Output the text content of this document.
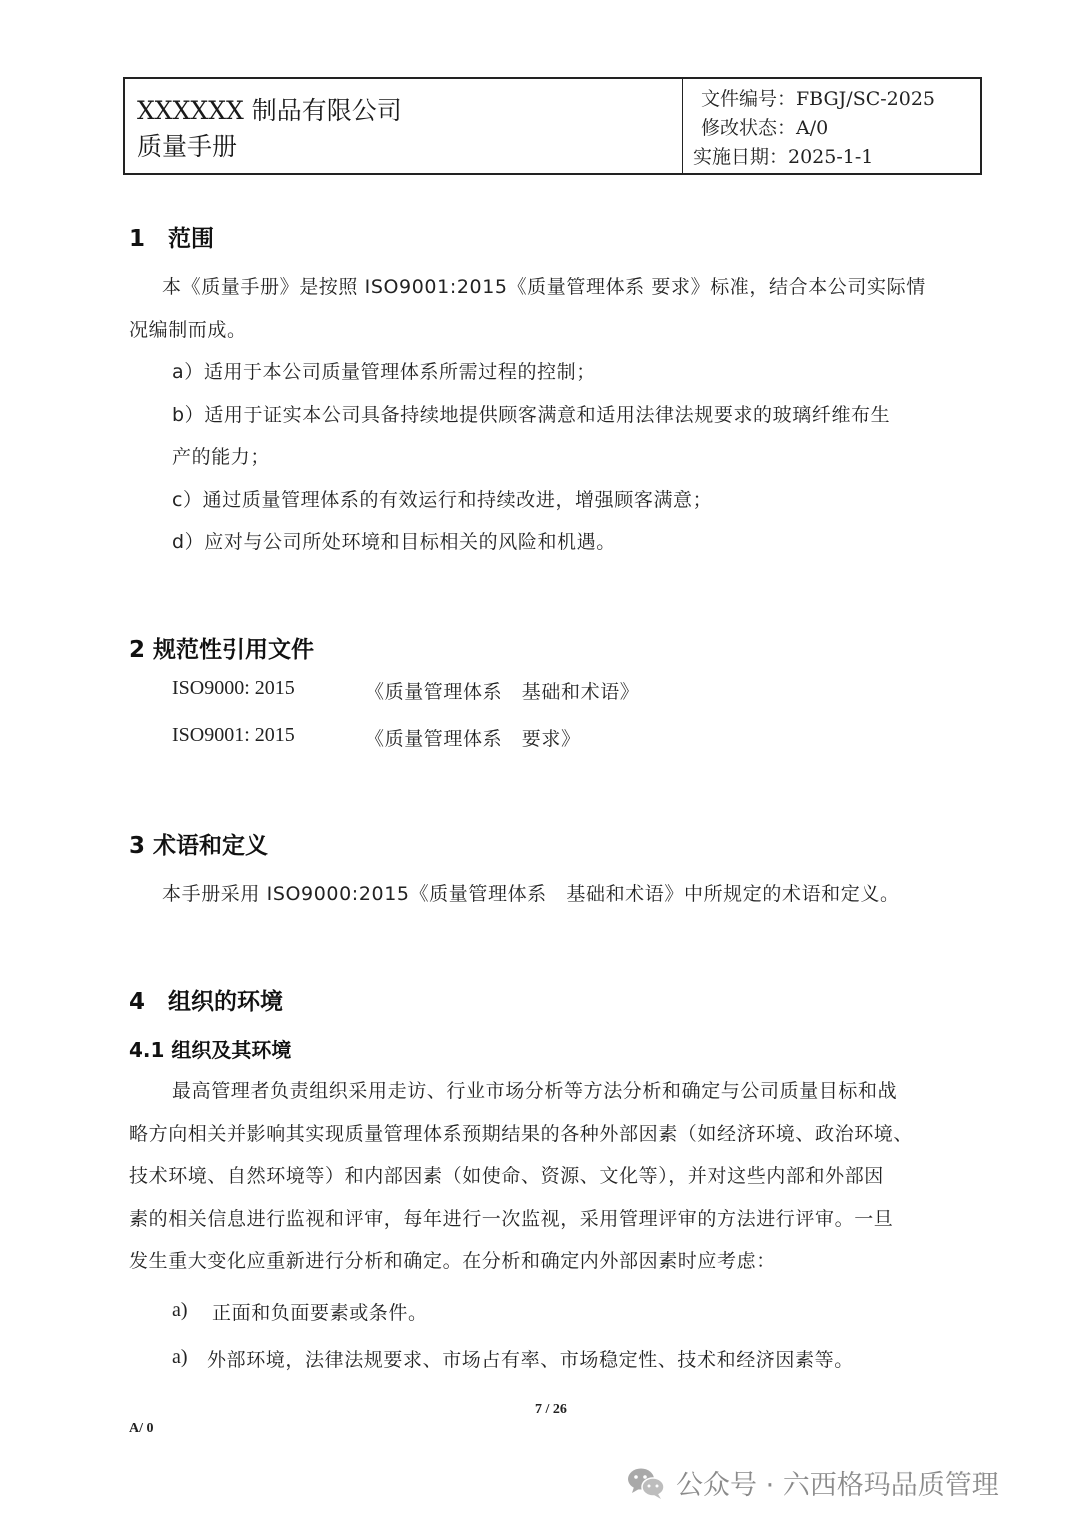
XXXXXX 制品有限公司
质量手册
文件编号：FBGJ/SC-2025
修改状态：A/0
实施日期：2025-1-1
1　范围
本《质量手册》是按照 ISO9001:2015《质量管理体系 要求》标准，结合本公司实际情
况编制而成。
a）适用于本公司质量管理体系所需过程的控制；
b）适用于证实本公司具备持续地提供顾客满意和适用法律法规要求的玻璃纤维布生
产的能力；
c）通过质量管理体系的有效运行和持续改进，增强顾客满意；
d）应对与公司所处环境和目标相关的风险和机遇。
2 规范性引用文件
ISO9000: 2015	《质量管理体系　基础和术语》
ISO9001: 2015	《质量管理体系　要求》
3 术语和定义
本手册采用 ISO9000:2015《质量管理体系　基础和术语》中所规定的术语和定义。
4　组织的环境
4.1 组织及其环境
最高管理者负责组织采用走访、行业市场分析等方法分析和确定与公司质量目标和战
略方向相关并影响其实现质量管理体系预期结果的各种外部因素（如经济环境、政治环境、
技术环境、自然环境等）和内部因素（如使命、资源、文化等），并对这些内部和外部因
素的相关信息进行监视和评审，每年进行一次监视，采用管理评审的方法进行评审。一旦
发生重大变化应重新进行分析和确定。在分析和确定内外部因素时应考虑：
a) 正面和负面要素或条件。
a) 外部环境，法律法规要求、市场占有率、市场稳定性、技术和经济因素等。
7 / 26
A/ 0
公众号 · 六西格玛品质管理
